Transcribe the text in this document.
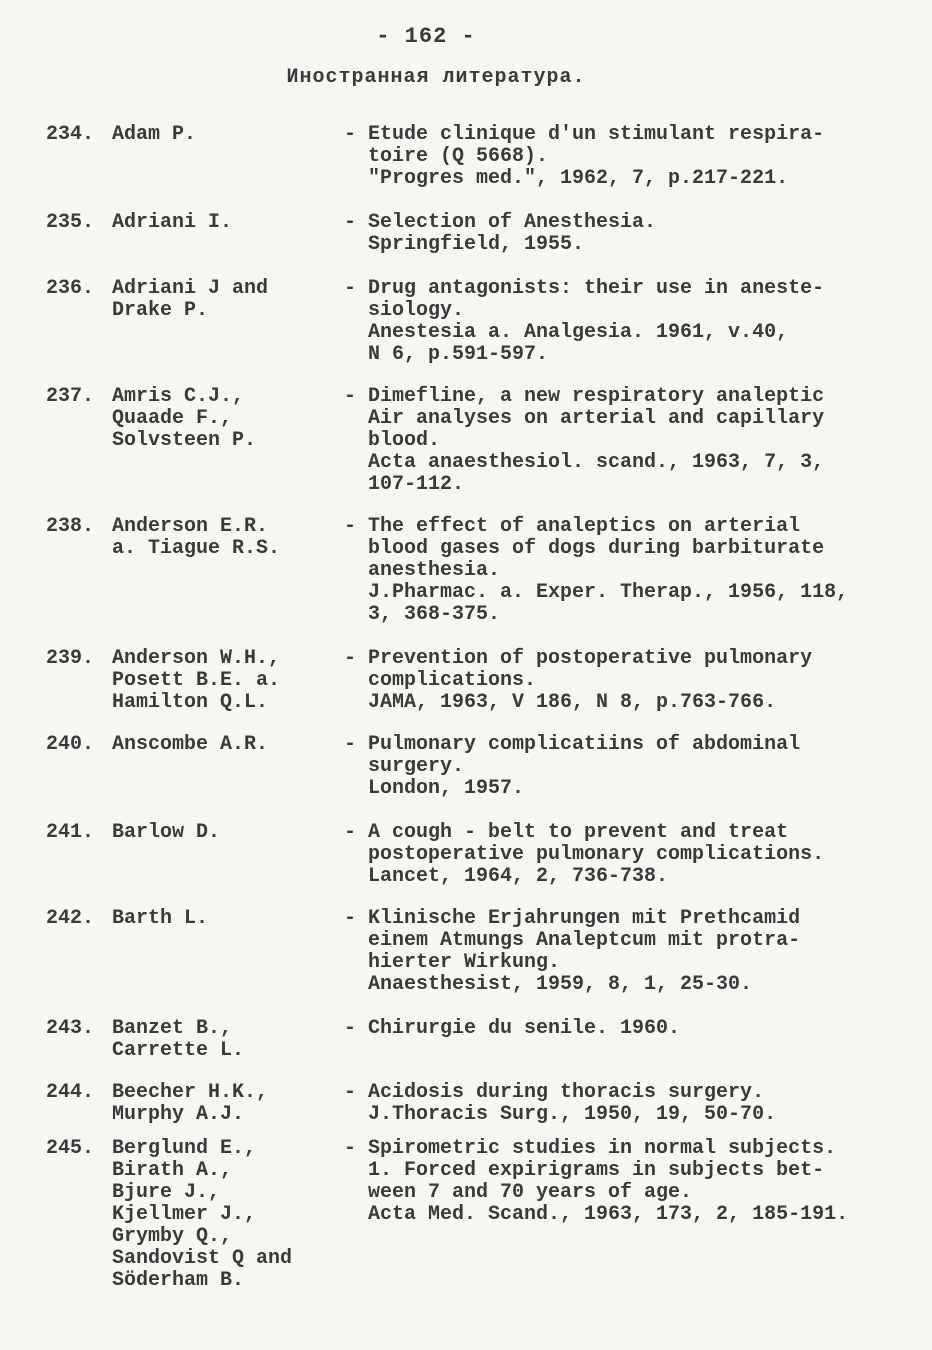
- 162 -
Иностранная литература.
234. Adam P.	- Etude clinique d'un stimulant respira-
toire (Q 5668).
"Progres med.", 1962, 7, p.217-221.
235. Adriani I.	- Selection of Anesthesia.
Springfield, 1955.
236. Adriani J and
Drake P.
- Drug antagonists: their use in aneste-
siology.
Anestesia a. Analgesia. 1961, v.40,
N 6, p.591-597.
237. Amris C.J.,
Quaade F.,
Solvsteen P.
- Dimefline, a new respiratory analeptic
Air analyses on arterial and capillary
blood.
Acta anaesthesiol. scand., 1963, 7, 3,
107-112.
238. Anderson E.R.
a. Tiague R.S.
- The effect of analeptics on arterial
blood gases of dogs during barbiturate
anesthesia.
J.Pharmac. a. Exper. Therap., 1956, 118,
3, 368-375.
239. Anderson W.H.,
Posett B.E. a.
Hamilton Q.L.
- Prevention of postoperative pulmonary
complications.
JAMA, 1963, V 186, N 8, p.763-766.
240. Anscombe A.R.	- Pulmonary complicatiins of abdominal
surgery.
London, 1957.
241. Barlow D.	- A cough - belt to prevent and treat
postoperative pulmonary complications.
Lancet, 1964, 2, 736-738.
242. Barth L.	- Klinische Erjahrungen mit Prethcamid
einem Atmungs Analeptcum mit protra-
hierter Wirkung.
Anaesthesist, 1959, 8, 1, 25-30.
243. Banzet B.,
Carrette L.
- Chirurgie du senile. 1960.
244. Beecher H.K.,
Murphy A.J.
- Acidosis during thoracis surgery.
J.Thoracis Surg., 1950, 19, 50-70.
245. Berglund E.,
Birath A.,
Bjure J.,
Kjellmer J.,
Grymby Q.,
Sandovist Q and
Söderham B.
- Spirometric studies in normal subjects.
1. Forced expirigrams in subjects bet-
ween 7 and 70 years of age.
Acta Med. Scand., 1963, 173, 2, 185-191.
